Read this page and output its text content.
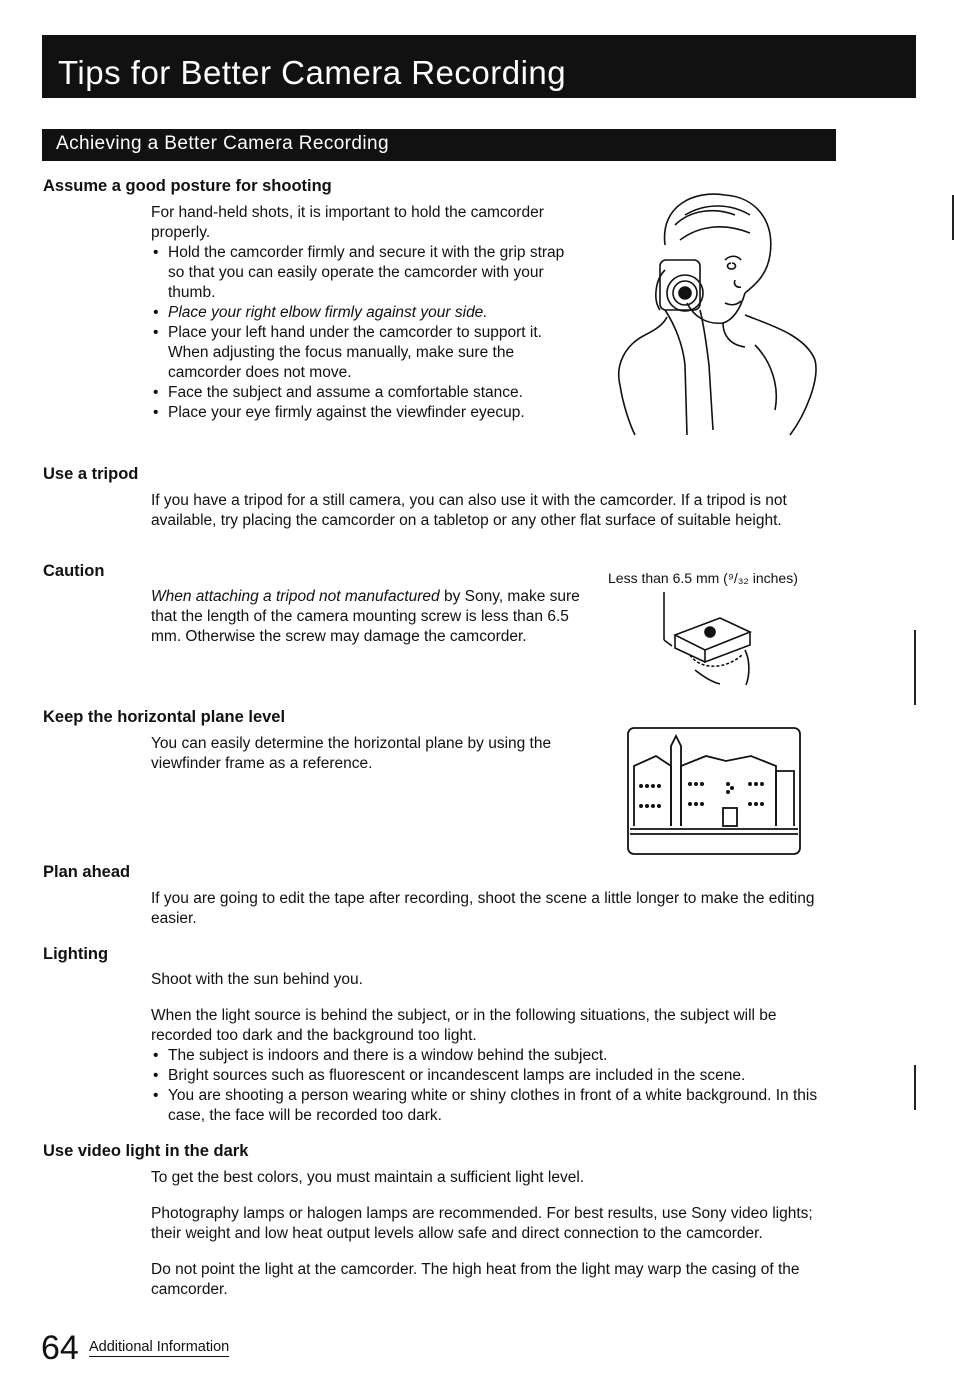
Tips for Better Camera Recording
Achieving a Better Camera Recording
Assume a good posture for shooting
For hand-held shots, it is important to hold the camcorder properly.
• Hold the camcorder firmly and secure it with the grip strap so that you can easily operate the camcorder with your thumb.
• Place your right elbow firmly against your side.
• Place your left hand under the camcorder to support it. When adjusting the focus manually, make sure the camcorder does not move.
• Face the subject and assume a comfortable stance.
• Place your eye firmly against the viewfinder eyecup.
Use a tripod
If you have a tripod for a still camera, you can also use it with the camcorder. If a tripod is not available, try placing the camcorder on a tabletop or any other flat surface of suitable height.
Caution
When attaching a tripod not manufactured by Sony, make sure that the length of the camera mounting screw is less than 6.5 mm. Otherwise the screw may damage the camcorder.
Less than 6.5 mm (⁹/₃₂ inches)
Keep the horizontal plane level
You can easily determine the horizontal plane by using the viewfinder frame as a reference.
Plan ahead
If you are going to edit the tape after recording, shoot the scene a little longer to make the editing easier.
Lighting
Shoot with the sun behind you.
When the light source is behind the subject, or in the following situations, the subject will be recorded too dark and the background too light.
• The subject is indoors and there is a window behind the subject.
• Bright sources such as fluorescent or incandescent lamps are included in the scene.
• You are shooting a person wearing white or shiny clothes in front of a white background. In this case, the face will be recorded too dark.
Use video light in the dark
To get the best colors, you must maintain a sufficient light level.
Photography lamps or halogen lamps are recommended. For best results, use Sony video lights; their weight and low heat output levels allow safe and direct connection to the camcorder.
Do not point the light at the camcorder. The high heat from the light may warp the casing of the camcorder.
64 Additional Information
